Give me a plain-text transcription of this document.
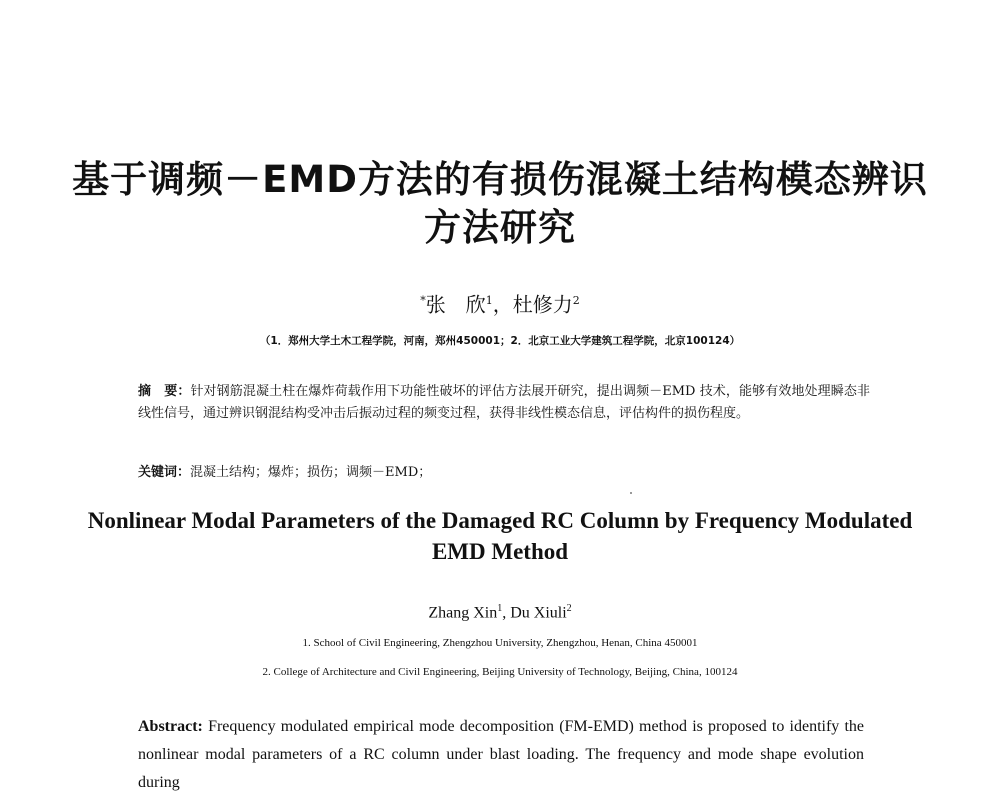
基于调频－EMD方法的有损伤混凝土结构模态辨识
方法研究
*张　欣$^1$，杜修力$^2$
（1．郑州大学土木工程学院，河南，郑州450001；2．北京工业大学建筑工程学院，北京100124）
摘　要：针对钢筋混凝土柱在爆炸荷载作用下功能性破坏的评估方法展开研究，提出调频－EMD 技术，能够有效地处理瞬态非线性信号，通过辨识钢混结构受冲击后振动过程的频变过程，获得非线性模态信息，评估构件的损伤程度。
关键词：混凝土结构；爆炸；损伤；调频－EMD；
Nonlinear Modal Parameters of the Damaged RC Column by Frequency Modulated
EMD Method
Zhang Xin$^1$, Du Xiuli$^2$
1. School of Civil Engineering, Zhengzhou University, Zhengzhou, Henan, China 450001
2. College of Architecture and Civil Engineering, Beijing University of Technology, Beijing, China, 100124
Abstract: Frequency modulated empirical mode decomposition (FM-EMD) method is proposed to identify the nonlinear modal parameters of a RC column under blast loading. The frequency and mode shape evolution during
